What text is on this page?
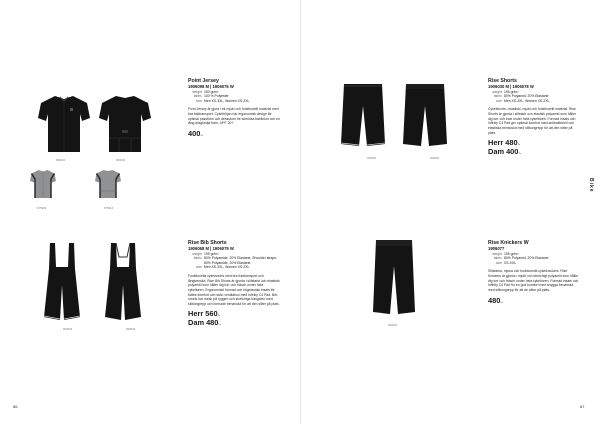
999000	999000
675999	675916
Point Jersey
1906098 M | 1906076 W
weight 150 gr/m²
fabric 100 % Polyester
size Men XS-3XL, Women XS-2XL
Point Jersey är gjord i ett mjukt och funktionellt material med bra fukttransport. Cykeltröjan har ergonomisk design för optimal passform och dessutom tre sömlösa bakfickor och en lång dragkedja fram. UPF 30+.
400:-
999000	999000
Rise Shorts
1906030 M | 1906078 W
weight 195 gr/m²
fabric 80% Polyamid, 20% Elastane
size Men XS-3XL, Women XS-2XL
Cykelshorts i elastiskt, mjukt och funktionellt material. Rise Shorts är gjorda i slitstark och elastisk polyamid som håller dig torr och kvar under hela cykelturen. Formad insats och Infinity C4 Pad ger optimal komfort med antibakteriell och elastiska benavslut med silikongrepp för att den sitter på plats.
Herr 480:-
Dam 400:-
Bike
999000	999000
Rise Bib Shorts
1906068 M | 1906079 W
weight 195 gr/m²
fabric 80% Polyamide, 20% Elastane, Shoulder straps: 80% Polyamide, 20% Elastane
size Men XS-3XL, Women XS-2XL
Funktionella cykelshorts med bra fukttransport och långbenslut. Rise Bib Shorts är gjorda i slitstarkt och elastiskt polyamid som håller dig torr och fräsch under hela cykelturen. Ergonomiskt formad och högelastisk insats för bättre komfort och skön ventilation med Infinity C4 Pad. Bib-shorts har mesh på ryggen och stretchiga hängslen med silikongrepp och formade benavslut för att den sitter på plats.
Herr 560:-
Dam 480:-	999000
Rise Knickers W
1906077
weight 195 gr/m²
fabric 80% Polyamid, 20% Elastane
size XS-XXL
Slitstarka, mjuka och funktionella cykelknickers. Rise Knickers är gjorda i mjukt och stretchigt polyamid som håller dig torr och fräsch under hela cykelturen. Formad insats och Infinity C4 Pad för en god komfort med snygga benavslut med silikongrepp för att de sitter på plats.
480:-
86	87
